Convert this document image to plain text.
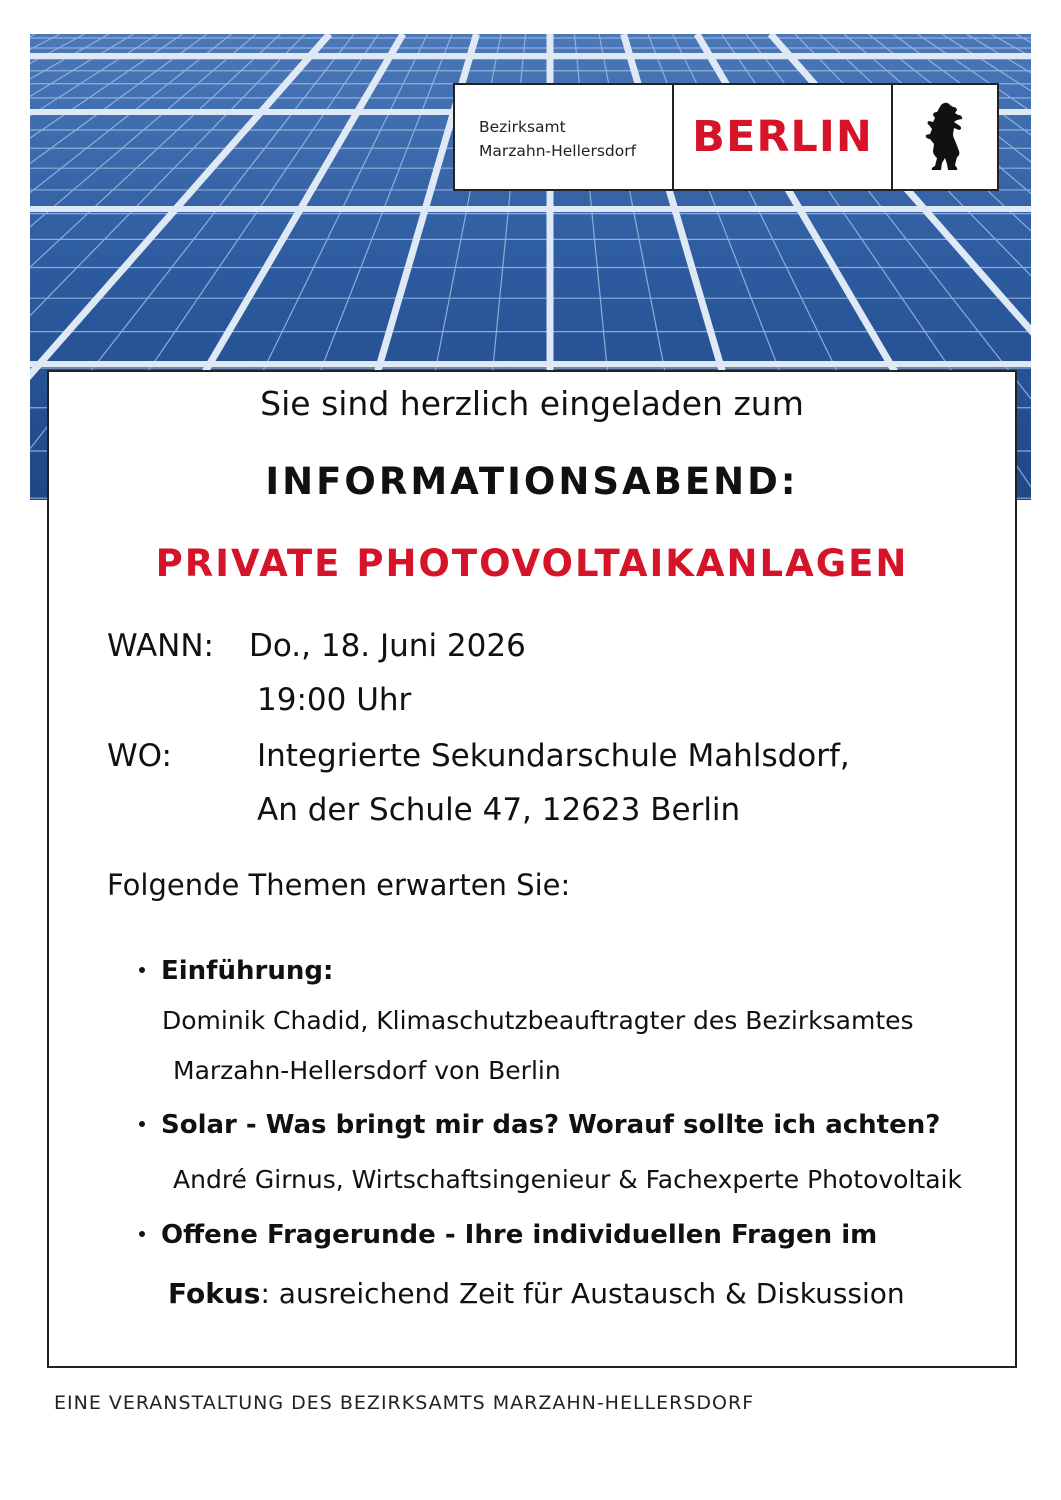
Bezirksamt
Marzahn-Hellersdorf	BERLIN
Sie sind herzlich eingeladen zum
INFORMATIONSABEND:
PRIVATE PHOTOVOLTAIKANLAGEN
WANN: Do., 18. Juni 2026
19:00 Uhr
WO:	Integrierte Sekundarschule Mahlsdorf,
An der Schule 47, 12623 Berlin
Folgende Themen erwarten Sie:
Einführung:
Dominik Chadid, Klimaschutzbeauftragter des Bezirksamtes
Marzahn-Hellersdorf von Berlin
Solar - Was bringt mir das? Worauf sollte ich achten?
André Girnus, Wirtschaftsingenieur & Fachexperte Photovoltaik
Offene Fragerunde - Ihre individuellen Fragen im
Fokus: ausreichend Zeit für Austausch & Diskussion
EINE VERANSTALTUNG DES BEZIRKSAMTS MARZAHN-HELLERSDORF
